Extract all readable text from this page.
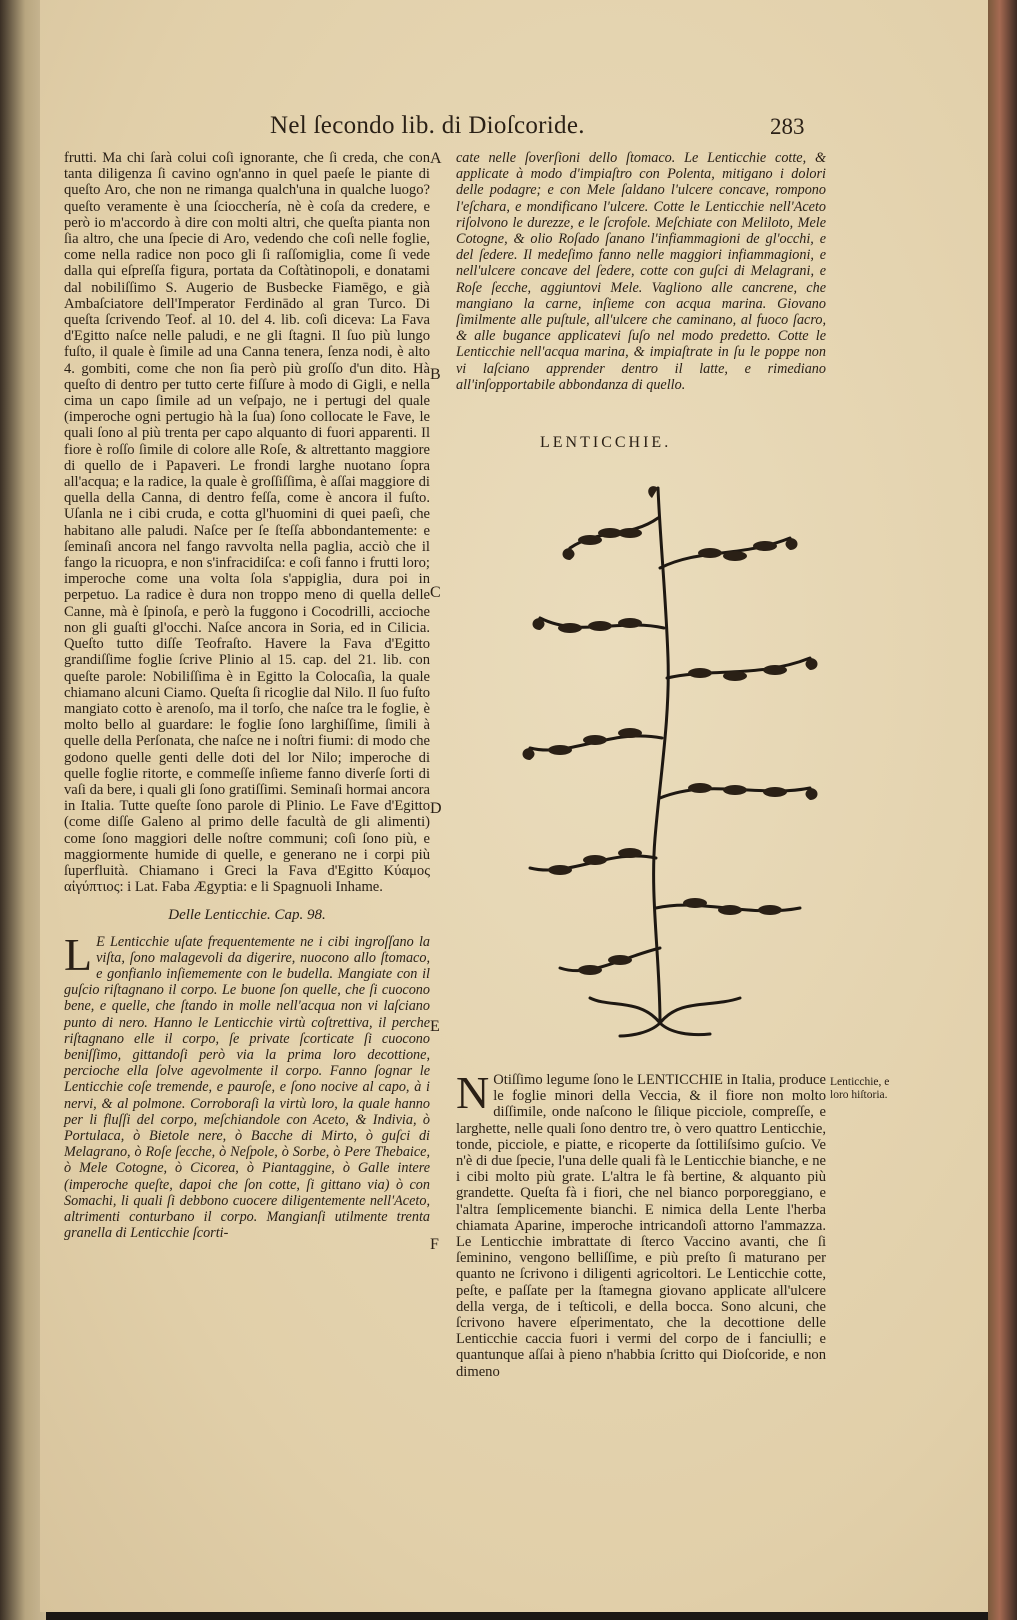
Nel ſecondo lib. di Dioſcoride.	283

frutti. Ma chi ſarà colui coſi ignorante, che ſi creda, che con tanta diligenza ſi cavino ogn'anno in quel paeſe le piante di queſto Aro, che non ne rimanga qualch'una in qualche luogo? queſto veramente è una ſciocchería, nè è coſa da credere, e però io m'accordo à dire con molti altri, che queſta pianta non ſia altro, che una ſpecie di Aro, vedendo che coſi nelle foglie, come nella radice non poco gli ſi raſſomiglia, come ſi vede dalla qui eſpreſſa figura, portata da Coſtàtinopoli, e donatami dal nobiliſſimo S. Augerio de Busbecke Fiamēgo, e già Ambaſciatore dell'Imperator Ferdinādo al gran Turco. Di queſta ſcrivendo Teof. al 10. del 4. lib. coſi diceva: La Fava d'Egitto naſce nelle paludi, e ne gli ſtagni. Il ſuo più lungo fuſto, il quale è ſimile ad una Canna tenera, ſenza nodi, è alto 4. gombiti, come che non ſia però più groſſo d'un dito. Hà queſto di dentro per tutto certe fiſſure à modo di Gigli, e nella cima un capo ſimile ad un veſpajo, ne i pertugi del quale (imperoche ogni pertugio hà la ſua) ſono collocate le Fave, le quali ſono al più trenta per capo alquanto di fuori apparenti. Il fiore è roſſo ſimile di colore alle Roſe, & altrettanto maggiore di quello de i Papaveri. Le frondi larghe nuotano ſopra all'acqua; e la radice, la quale è groſſiſſima, è aſſai maggiore di quella della Canna, di dentro feſſa, come è ancora il fuſto. Uſanla ne i cibi cruda, e cotta gl'huomini di quei paeſi, che habitano alle paludi. Naſce per ſe ſteſſa abbondantemente: e ſeminaſi ancora nel fango ravvolta nella paglia, acciò che il fango la ricuopra, e non s'infracidiſca: e coſi fanno i frutti loro; imperoche come una volta ſola s'appiglia, dura poi in perpetuo. La radice è dura non troppo meno di quella delle Canne, mà è ſpinoſa, e però la fuggono i Cocodrilli, accioche non gli guaſti gl'occhi. Naſce ancora in Soria, ed in Cilicia. Queſto tutto diſſe Teofraſto. Havere la Fava d'Egitto grandiſſime foglie ſcrive Plinio al 15. cap. del 21. lib. con queſte parole: Nobiliſſima è in Egitto la Colocaſia, la quale chiamano alcuni Ciamo. Queſta ſi ricoglie dal Nilo. Il ſuo fuſto mangiato cotto è arenoſo, ma il torſo, che naſce tra le foglie, è molto bello al guardare: le foglie ſono larghiſſime, ſimili à quelle della Perſonata, che naſce ne i noſtri fiumi: di modo che godono quelle genti delle doti del lor Nilo; imperoche di quelle foglie ritorte, e commeſſe inſieme fanno diverſe ſorti di vaſi da bere, i quali gli ſono gratiſſimi. Seminaſi hormai ancora in Italia. Tutte queſte ſono parole di Plinio. Le Fave d'Egitto (come diſſe Galeno al primo delle facultà de gli alimenti) come ſono maggiori delle noſtre communi; coſi ſono più, e maggiormente humide di quelle, e generano ne i corpi più ſuperfluità. Chiamano i Greci la Fava d'Egitto Κύαμος αἰγύπτιος: i Lat. Faba Ægyptia: e li Spagnuoli Inhame.

Delle Lenticchie. Cap. 98.

L E Lenticchie uſate frequentemente ne i cibi ingroſſano la viſta, ſono malagevoli da digerire, nuocono allo ſtomaco, e gonfianlo inſiememente con le budella. Mangiate con il guſcio riſtagnano il corpo. Le buone ſon quelle, che ſi cuocono bene, e quelle, che ſtando in molle nell'acqua non vi laſciano punto di nero. Hanno le Lenticchie virtù coſtrettiva, il perche riſtagnano elle il corpo, ſe private ſcorticate ſi cuocono beniſſimo, gittandoſi però via la prima loro decottione, percioche ella ſolve agevolmente il corpo. Fanno ſognar le Lenticchie coſe tremende, e pauroſe, e ſono nocive al capo, à i nervi, & al polmone. Corroboraſi la virtù loro, la quale hanno per li fluſſi del corpo, meſchiandole con Aceto, & Indivia, ò Portulaca, ò Bietole nere, ò Bacche di Mirto, ò guſci di Melagrano, ò Roſe ſecche, ò Neſpole, ò Sorbe, ò Pere Thebaice, ò Mele Cotogne, ò Cicorea, ò Piantaggine, ò Galle intere (imperoche queſte, dapoi che ſon cotte, ſi gittano via) ò con Somachi, li quali ſi debbono cuocere diligentemente nell'Aceto, altrimenti conturbano il corpo. Mangianſi utilmente trenta granella di Lenticchie ſcorti-

cate nelle ſoverſioni dello ſtomaco. Le Lenticchie cotte, & applicate à modo d'impiaſtro con Polenta, mitigano i dolori delle podagre; e con Mele ſaldano l'ulcere concave, rompono l'eſchara, e mondificano l'ulcere. Cotte le Lenticchie nell'Aceto riſolvono le durezze, e le ſcrofole. Meſchiate con Meliloto, Mele Cotogne, & olio Roſado ſanano l'infiammagioni de gl'occhi, e del ſedere. Il medeſimo fanno nelle maggiori infiammagioni, e nell'ulcere concave del ſedere, cotte con guſci di Melagrani, e Roſe ſecche, aggiuntovi Mele. Vagliono alle cancrene, che mangiano la carne, inſieme con acqua marina. Giovano ſimilmente alle puſtule, all'ulcere che caminano, al fuoco ſacro, & alle bugance applicatevi ſuſo nel modo predetto. Cotte le Lenticchie nell'acqua marina, & impiaſtrate in ſu le poppe non vi laſciano apprender dentro il latte, e rimediano all'inſopportabile abbondanza di quello.

LENTICCHIE.

N Otiſſimo legume ſono le LENTICCHIE in Italia, produce le foglie minori della Veccia, & il fiore non molto diſſimile, onde naſcono le ſilique picciole, compreſſe, e larghette, nelle quali ſono dentro tre, ò vero quattro Lenticchie, tonde, picciole, e piatte, e ricoperte da ſottiliſsimo guſcio. Ve n'è di due ſpecie, l'una delle quali fà le Lenticchie bianche, e ne i cibi molto più grate. L'altra le fà bertine, & alquanto più grandette. Queſta fà i fiori, che nel bianco porporeggiano, e l'altra ſemplicemente bianchi. E nimica della Lente l'herba chiamata Aparine, imperoche intricandoſi attorno l'ammazza. Le Lenticchie imbrattate di ſterco Vaccino avanti, che ſi ſeminino, vengono belliſſime, e più preſto ſi maturano per quanto ne ſcrivono i diligenti agricoltori. Le Lenticchie cotte, peſte, e paſſate per la ſtamegna giovano applicate all'ulcere della verga, de i teſticoli, e della bocca. Sono alcuni, che ſcrivono havere eſperimentato, che la decottione delle Lenticchie caccia fuori i vermi del corpo de i fanciulli; e quantunque aſſai à pieno n'habbia ſcritto qui Dioſcoride, e non dimeno

Lenticchie, e loro hiſtoria.
A
B
C
D
E
F
